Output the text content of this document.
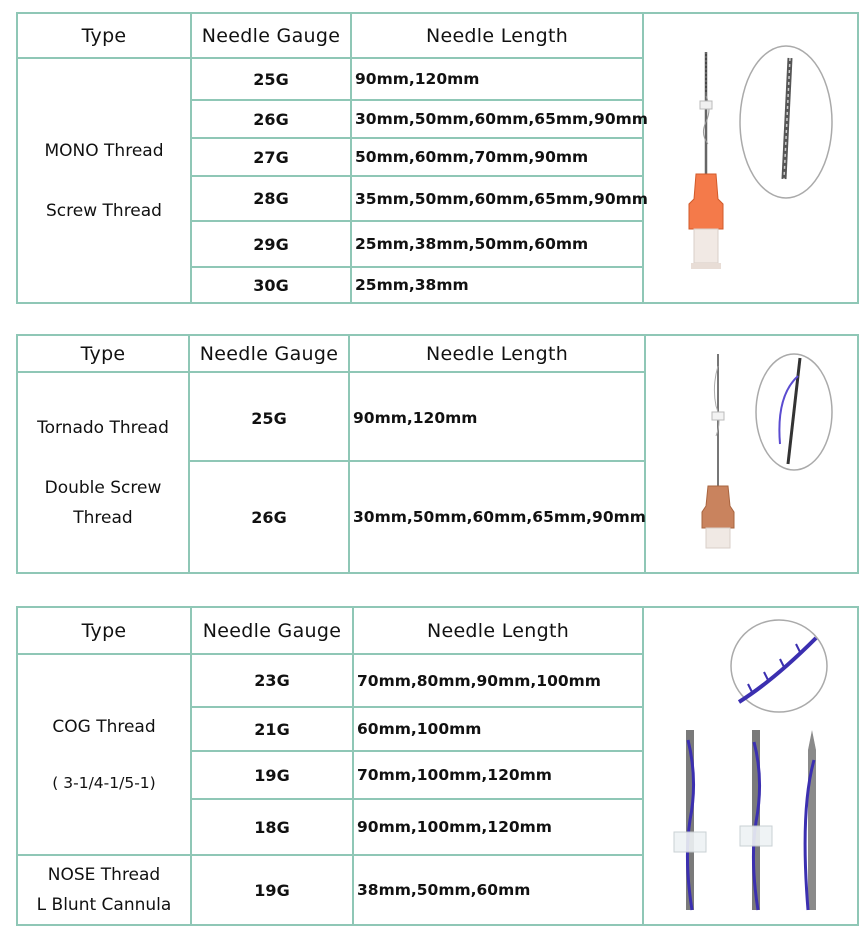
Type	Needle Gauge	Needle Length	

MONO Thread
Screw Thread	25G	90mm,120mm	
	26G	30mm,50mm,60mm,65mm,90mm	
	27G	50mm,60mm,70mm,90mm	
	28G	35mm,50mm,60mm,65mm,90mm	
	29G	25mm,38mm,50mm,60mm	
	30G	25mm,38mm	
Type	Needle Gauge	Needle Length	

Tornado Thread
Double Screw
Thread	25G	90mm,120mm	
	26G	30mm,50mm,60mm,65mm,90mm	
Type	Needle Gauge	Needle Length	

COG Thread
( 3-1/4-1/5-1)	23G	70mm,80mm,90mm,100mm	
	21G	60mm,100mm	
	19G	70mm,100mm,120mm	
	18G	90mm,100mm,120mm	

NOSE Thread
L Blunt Cannula	19G	38mm,50mm,60mm	
